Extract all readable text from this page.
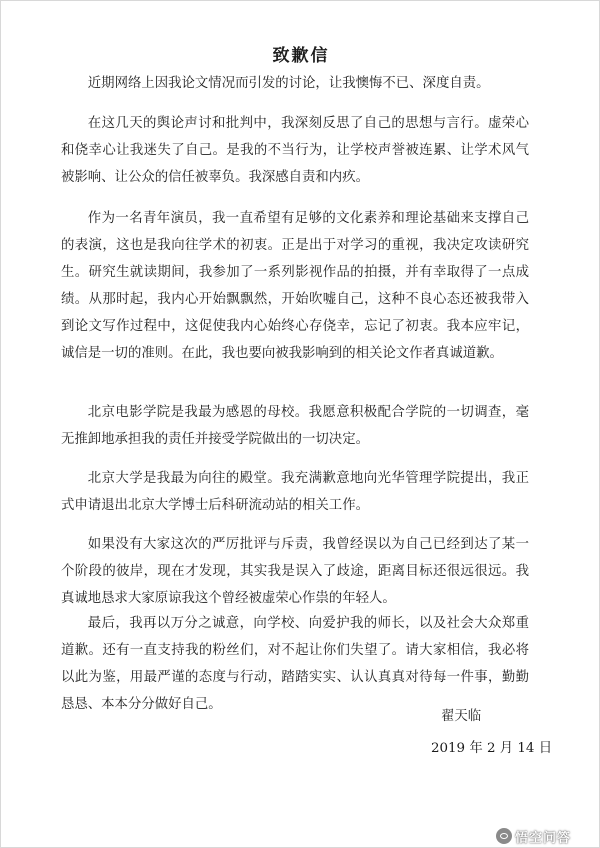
致歉信

近期网络上因我论文情况而引发的讨论，让我懊悔不已、深度自责。

在这几天的舆论声讨和批判中，我深刻反思了自己的思想与言行。虚荣心和侥幸心让我迷失了自己。是我的不当行为，让学校声誉被连累、让学术风气被影响、让公众的信任被辜负。我深感自责和内疚。

作为一名青年演员，我一直希望有足够的文化素养和理论基础来支撑自己的表演，这也是我向往学术的初衷。正是出于对学习的重视，我决定攻读研究生。研究生就读期间，我参加了一系列影视作品的拍摄，并有幸取得了一点成绩。从那时起，我内心开始飘飘然，开始吹嘘自己，这种不良心态还被我带入到论文写作过程中，这促使我内心始终心存侥幸，忘记了初衷。我本应牢记，诚信是一切的准则。在此，我也要向被我影响到的相关论文作者真诚道歉。

北京电影学院是我最为感恩的母校。我愿意积极配合学院的一切调查，毫无推卸地承担我的责任并接受学院做出的一切决定。

北京大学是我最为向往的殿堂。我充满歉意地向光华管理学院提出，我正式申请退出北京大学博士后科研流动站的相关工作。

如果没有大家这次的严厉批评与斥责，我曾经误以为自己已经到达了某一个阶段的彼岸，现在才发现，其实我是误入了歧途，距离目标还很远很远。我真诚地恳求大家原谅我这个曾经被虚荣心作祟的年轻人。

最后，我再以万分之诚意，向学校、向爱护我的师长，以及社会大众郑重道歉。还有一直支持我的粉丝们，对不起让你们失望了。请大家相信，我必将以此为鉴，用最严谨的态度与行动，踏踏实实、认认真真对待每一件事，勤勤恳恳、本本分分做好自己。

翟天临
2019 年 2 月 14 日
悟空问答
